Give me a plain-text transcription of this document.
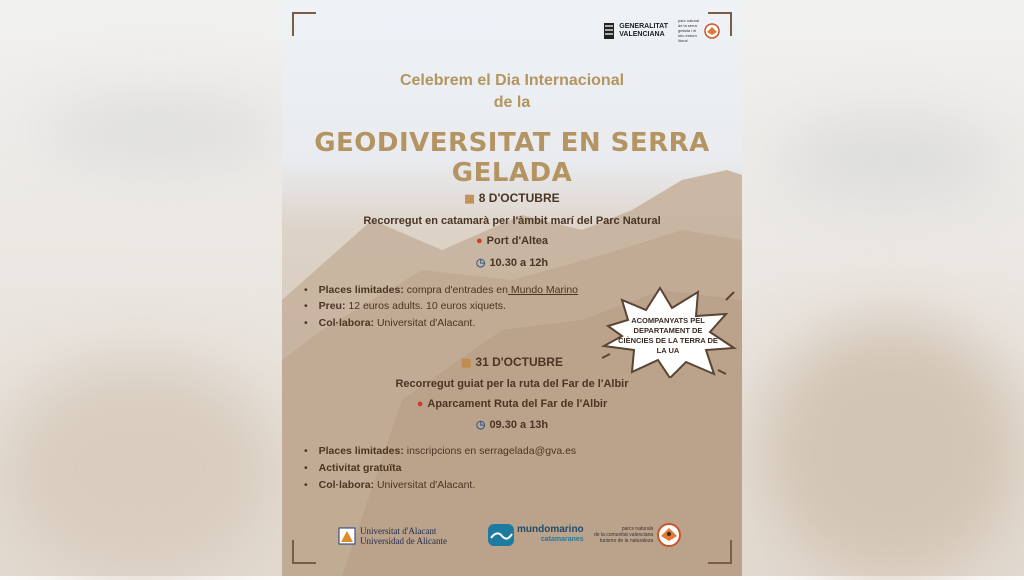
GENERALITAT
VALENCIANA
parc natural de la serra gelada i el seu entorn litoral
Celebrem el Dia Internacional
de la
GEODIVERSITAT EN SERRA GELADA
▦ 8 D'OCTUBRE
Recorregut en catamarà per l'àmbit marí del Parc Natural
● Port d'Altea
◷ 10.30 a 12h
• Places limitades: compra d'entrades en Mundo Marino
• Preu: 12 euros adults. 10 euros xiquets.
• Col·labora: Universitat d'Alacant.
▦ 31 D'OCTUBRE
Recorregut guiat per la ruta del Far de l'Albir
● Aparcament Ruta del Far de l'Albir
◷ 09.30 a 13h
• Places limitades: inscripcions en serragelada@gva.es
• Activitat gratuïta
• Col·labora: Universitat d'Alacant.
ACOMPANYATS PEL DEPARTAMENT DE CIÈNCIES DE LA TERRA DE LA UA
Universitat d'Alacant
Universidad de Alicante
mundomarino
catamaranes
parcs naturals
de la comunitat valenciana
turismo de la naturaleza
